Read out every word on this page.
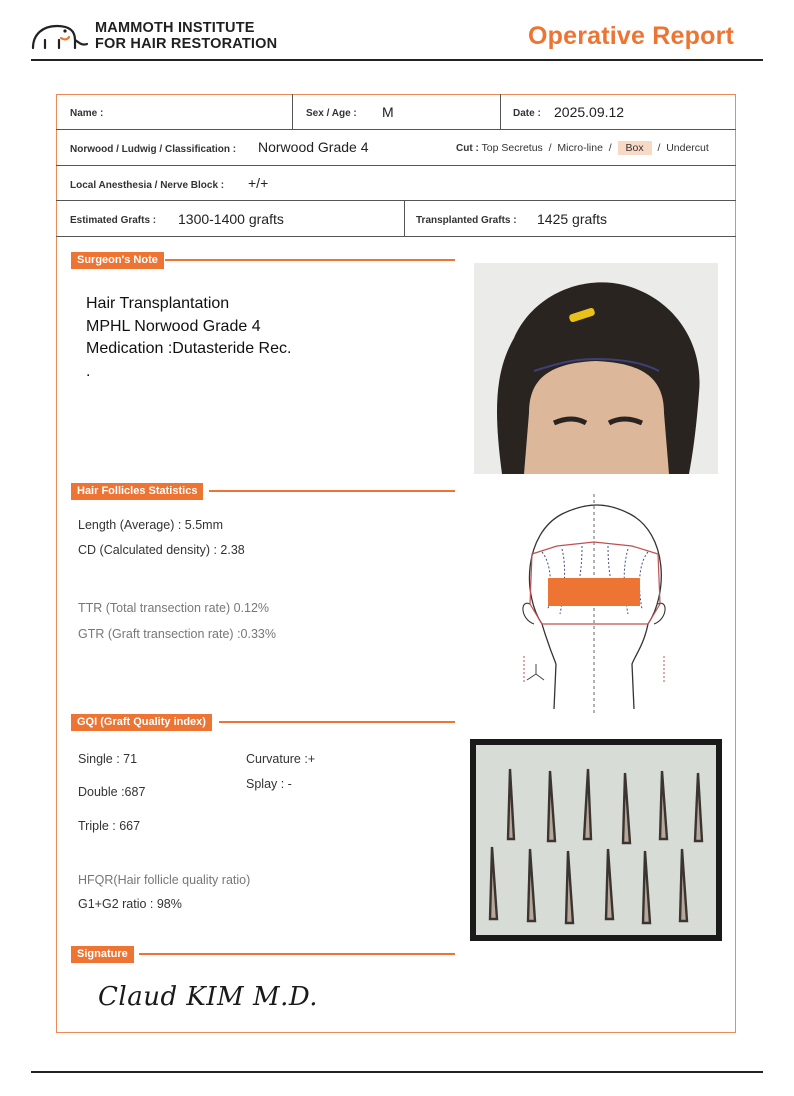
MAMMOTH INSTITUTE
FOR HAIR RESTORATION	Operative Report
Name :	Sex / Age : M	Date : 2025.09.12
Norwood / Ludwig / Classification : Norwood Grade 4	Cut : Top Secretus  /  Micro-line  /  Box  /  Undercut
Local Anesthesia / Nerve Block : +/+
Estimated Grafts : 1300-1400 grafts	Transplanted Grafts : 1425 grafts
Surgeon's Note
Hair Transplantation
MPHL Norwood Grade 4
Medication :Dutasteride Rec.
.
Hair Follicles Statistics
Length (Average) : 5.5mm
CD (Calculated density) : 2.38
TTR (Total transection rate) 0.12%
GTR (Graft transection rate) :0.33%
GQI (Graft Quality index)
Single : 71
Double :687
Triple : 667
Curvature :+
Splay : -
HFQR(Hair follicle quality ratio)
G1+G2 ratio : 98%
Signature
Claud KIM M.D.
